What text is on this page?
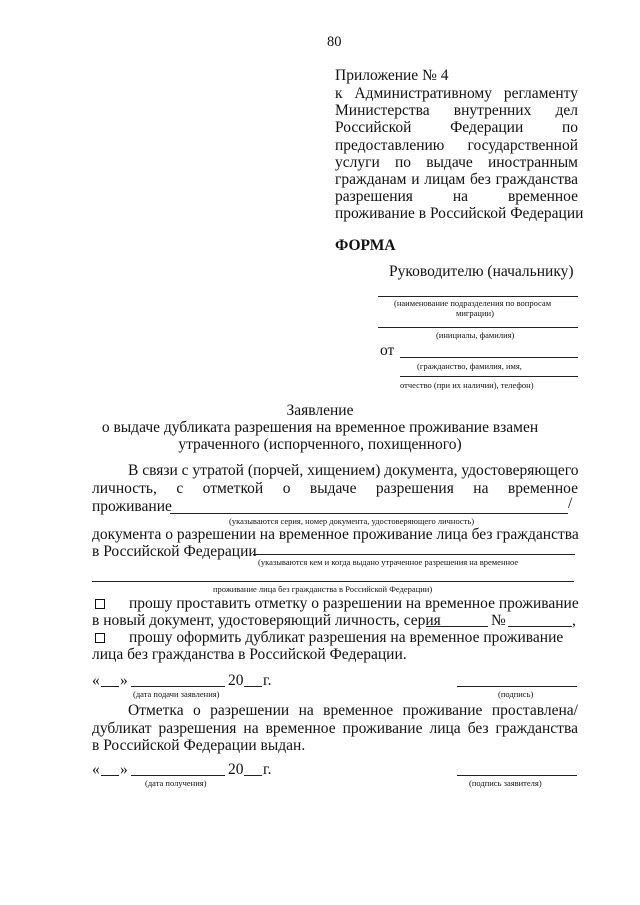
80
Приложение № 4
к Административному регламенту
Министерства внутренних дел
Российской Федерации по
предоставлению государственной
услуги по выдаче иностранным
гражданам и лицам без гражданства
разрешения	на	временное
проживание в Российской Федерации
ФОРМА
Руководителю (начальнику)
(наименование подразделения по вопросам
миграции)
(инициалы, фамилия)
от
(гражданство, фамилия, имя,
отчество (при их наличии), телефон)
Заявление
о выдаче дубликата разрешения на временное проживание взамен
утраченного (испорченного, похищенного)
В связи с утратой (порчей, хищением) документа, удостоверяющего
личность, с отметкой о выдаче разрешения на временное
проживание	/
(указываются серия, номер документа, удостоверяющего личность)
документа о разрешении на временное проживание лица без гражданства
в Российской Федерации
(указываются кем и когда выдано утраченное разрешения на временное
проживание лица без гражданства в Российской Федерации)
прошу проставить отметку о разрешении на временное проживание
в новый документ, удостоверяющий личность, серия	№	,
прошу оформить дубликат разрешения на временное проживание
лица без гражданства в Российской Федерации.
« »	20 г.
(дата подачи заявления)	(подпись)
Отметка о разрешении на временное проживание проставлена/
дубликат разрешения на временное проживание лица без гражданства
в Российской Федерации выдан.
« »	20 г.
(дата получения)	(подпись заявителя)
